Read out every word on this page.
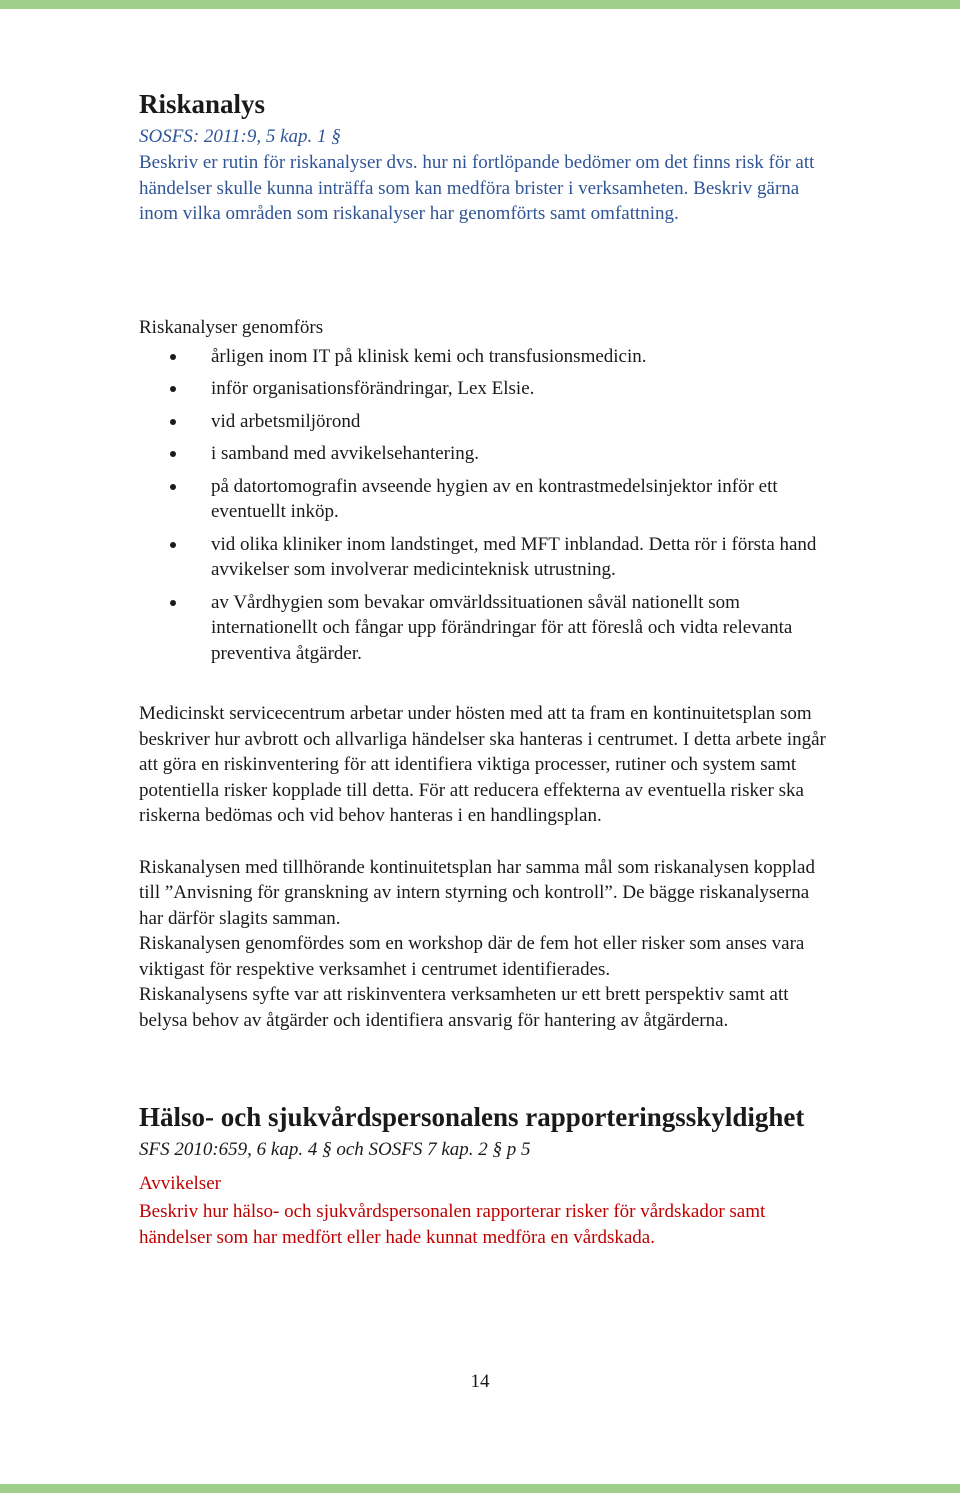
Riskanalys

SOSFS: 2011:9, 5 kap. 1 §

Beskriv er rutin för riskanalyser dvs. hur ni fortlöpande bedömer om det finns risk för att händelser skulle kunna inträffa som kan medföra brister i verksamheten. Beskriv gärna inom vilka områden som riskanalyser har genomförts samt omfattning.

Riskanalyser genomförs

årligen inom IT på klinisk kemi och transfusionsmedicin.
inför organisationsförändringar, Lex Elsie.
vid arbetsmiljörond
i samband med avvikelsehantering.
på datortomografin avseende hygien av en kontrastmedelsinjektor inför ett eventuellt inköp.
vid olika kliniker inom landstinget, med MFT inblandad. Detta rör i första hand avvikelser som involverar medicinteknisk utrustning.
av Vårdhygien som bevakar omvärldssituationen såväl nationellt som internationellt och fångar upp förändringar för att föreslå och vidta relevanta preventiva åtgärder.

Medicinskt servicecentrum arbetar under hösten med att ta fram en kontinuitetsplan som beskriver hur avbrott och allvarliga händelser ska hanteras i centrumet. I detta arbete ingår att göra en riskinventering för att identifiera viktiga processer, rutiner och system samt potentiella risker kopplade till detta. För att reducera effekterna av eventuella risker ska riskerna bedömas och vid behov hanteras i en handlingsplan.

Riskanalysen med tillhörande kontinuitetsplan har samma mål som riskanalysen kopplad till ”Anvisning för granskning av intern styrning och kontroll”. De bägge riskanalyserna har därför slagits samman.

Riskanalysen genomfördes som en workshop där de fem hot eller risker som anses vara viktigast för respektive verksamhet i centrumet identifierades.

Riskanalysens syfte var att riskinventera verksamheten ur ett brett perspektiv samt att belysa behov av åtgärder och identifiera ansvarig för hantering av åtgärderna.

Hälso- och sjukvårdspersonalens rapporteringsskyldighet

SFS 2010:659, 6 kap. 4 § och SOSFS 7 kap. 2 § p 5

Avvikelser

Beskriv hur hälso- och sjukvårdspersonalen rapporterar risker för vårdskador samt händelser som har medfört eller hade kunnat medföra en vårdskada.

14
